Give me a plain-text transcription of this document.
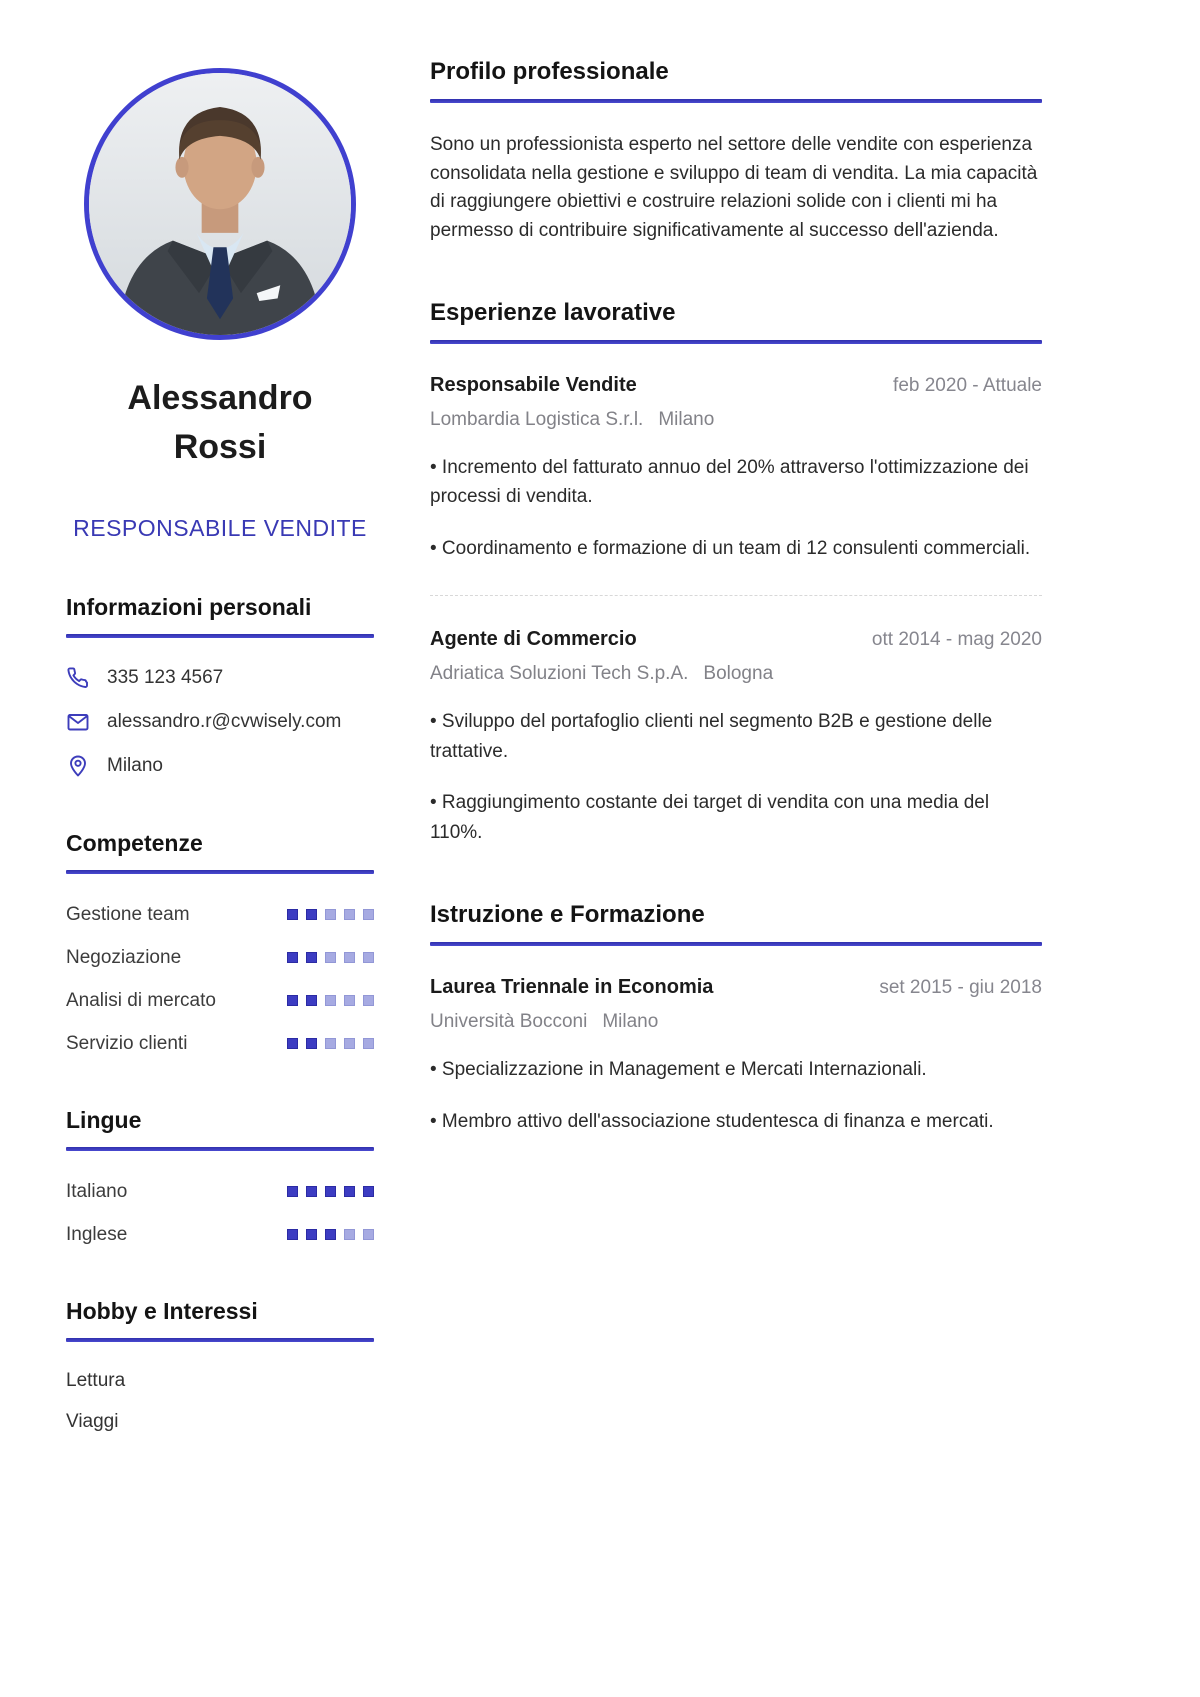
Alessandro
Rossi
RESPONSABILE VENDITE
Informazioni personali
335 123 4567
alessandro.r@cvwisely.com
Milano
Competenze
Gestione team
Negoziazione
Analisi di mercato
Servizio clienti
Lingue
Italiano
Inglese
Hobby e Interessi
Lettura
Viaggi
Profilo professionale
Sono un professionista esperto nel settore delle vendite con esperienza consolidata nella gestione e sviluppo di team di vendita. La mia capacità di raggiungere obiettivi e costruire relazioni solide con i clienti mi ha permesso di contribuire significativamente al successo dell'azienda.
Esperienze lavorative
Responsabile Vendite	feb 2020 - Attuale
Lombardia Logistica S.r.l. Milano
• Incremento del fatturato annuo del 20% attraverso l'ottimizzazione dei processi di vendita.
• Coordinamento e formazione di un team di 12 consulenti commerciali.
Agente di Commercio	ott 2014 - mag 2020
Adriatica Soluzioni Tech S.p.A. Bologna
• Sviluppo del portafoglio clienti nel segmento B2B e gestione delle trattative.
• Raggiungimento costante dei target di vendita con una media del 110%.
Istruzione e Formazione
Laurea Triennale in Economia	set 2015 - giu 2018
Università Bocconi Milano
• Specializzazione in Management e Mercati Internazionali.
• Membro attivo dell'associazione studentesca di finanza e mercati.
